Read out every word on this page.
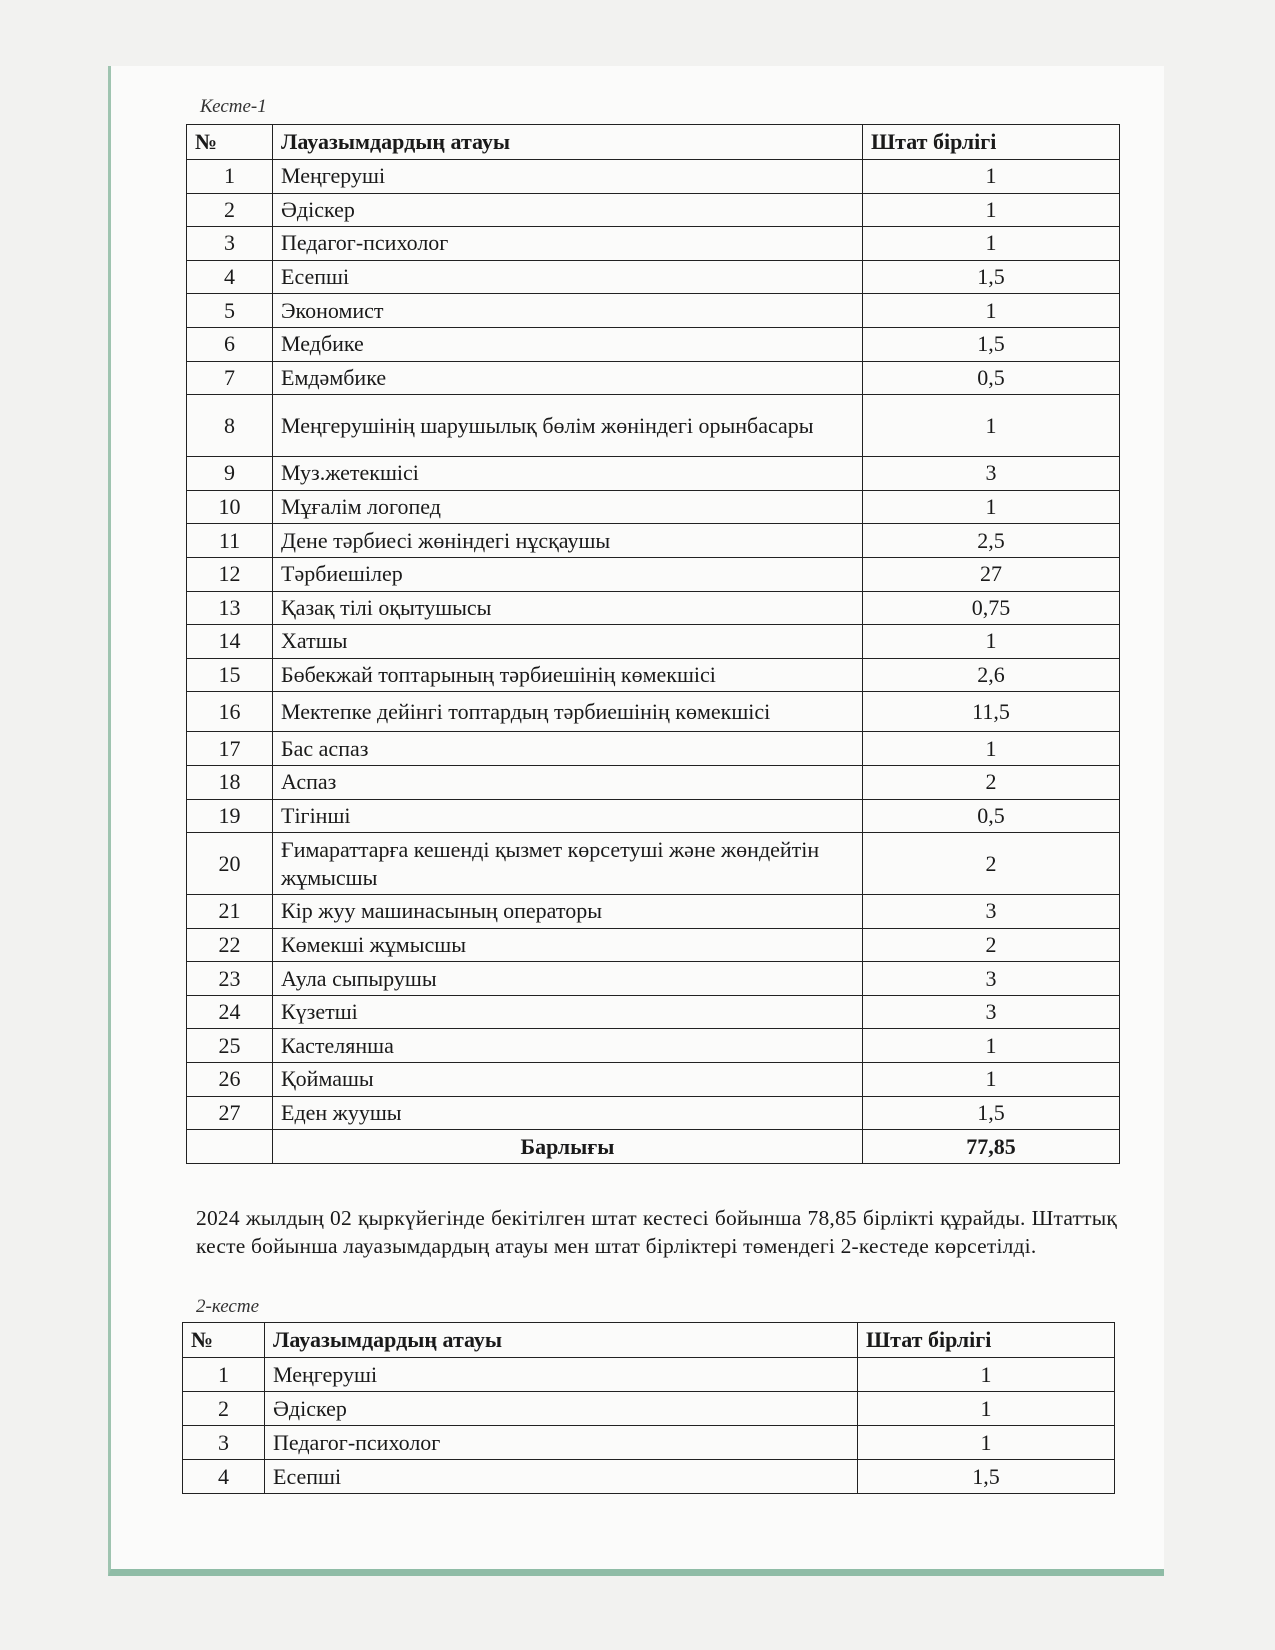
Кесте-1
№	Лауазымдардың атауы	Штат бірлігі
1	Меңгеруші	1
2	Әдіскер	1
3	Педагог-психолог	1
4	Есепші	1,5
5	Экономист	1
6	Медбике	1,5
7	Емдәмбике	0,5
8	Меңгерушінің шарушылық бөлім жөніндегі орынбасары	1
9	Муз.жетекшісі	3
10	Мұғалім логопед	1
11	Дене тәрбиесі жөніндегі нұсқаушы	2,5
12	Тәрбиешілер	27
13	Қазақ тілі оқытушысы	0,75
14	Хатшы	1
15	Бөбекжай топтарының тәрбиешінің көмекшісі	2,6
16	Мектепке дейінгі топтардың тәрбиешінің көмекшісі	11,5
17	Бас аспаз	1
18	Аспаз	2
19	Тігінші	0,5
20	Ғимараттарға кешенді қызмет көрсетуші және жөндейтін жұмысшы	2
21	Кір жуу машинасының операторы	3
22	Көмекші жұмысшы	2
23	Аула сыпырушы	3
24	Күзетші	3
25	Кастелянша	1
26	Қоймашы	1
27	Еден жуушы	1,5
	Барлығы	77,85
2024 жылдың 02 қыркүйегінде бекітілген штат кестесі бойынша 78,85 бірлікті құрайды. Штаттық кесте бойынша лауазымдардың атауы мен штат бірліктері төмендегі 2-кестеде көрсетілді.
2-кесте
№	Лауазымдардың атауы	Штат бірлігі
1	Меңгеруші	1
2	Әдіскер	1
3	Педагог-психолог	1
4	Есепші	1,5
